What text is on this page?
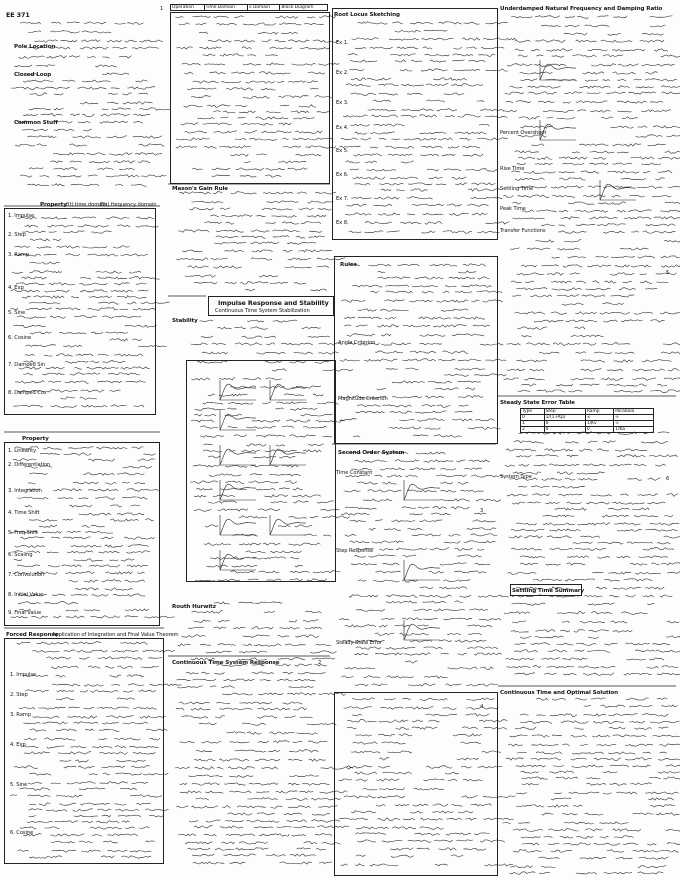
EE 371
Pole Location
Closed Loop
Common Stuff
Property f(t) time domain
F(s) frequency domain
1. Impulse
2. Step
3. Ramp
4. Exp
5. Sine
6. Cosine
7. Damped Sin
8. Damped Cos
Property
1. Linearity
2. Differentiation
3. Integration
4. Time Shift
5. Freq Shift
6. Scaling
7. Convolution
8. Initial Value
9. Final Value
Forced Response
Application of Integration and Final Value Theorem
1. Impulse
2. Step
3. Ramp
4. Exp
5. Sine
6. Cosine
1 Operation	Time Domain	s Domain	Block Diagram
Mason's Gain Rule
Impulse Response and Stability
Continuous Time System Stabilization
Stability
Routh Hurwitz
Continuous Time System Response	2
Root Locus Sketching
Ex 1.
Ex 2.
Ex 3.
Ex 4.
Ex 5.
Ex 6.
Ex 7.
Ex 8.
Rules
Angle Criterion
Magnitude Criterion
Second Order System
Time Constant
Step Response
Steady State Error
3
4
Underdamped Natural Frequency and Damping Ratio
Percent Overshoot
Rise Time
Settling Time
Peak Time
Transfer Functions
5
Steady State Error Table
Type	Step	Ramp	Parabola
0	1/(1+Kp)	∞	∞
1	0	1/Kv	∞
2	0	0	1/Ka
System Type	6
Settling Time Summary
Continuous Time and Optimal Solution
